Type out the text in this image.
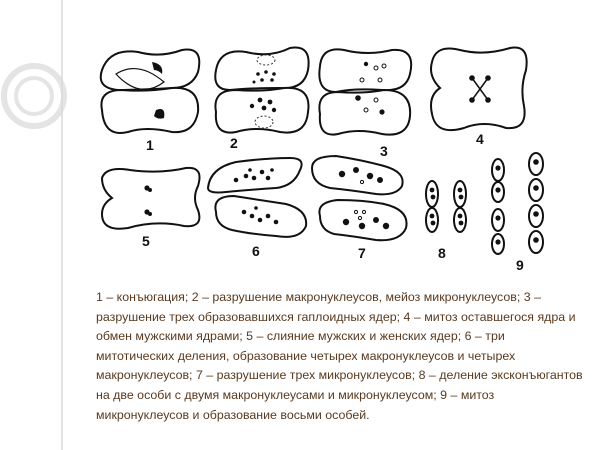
1	2	3
4
5
6	7	8
9

1 – конъюгация; 2 – разрушение макронуклеусов, мейоз микронуклеусов; 3 – разрушение трех образовавшихся гаплоидных ядер; 4 – митоз оставшегося ядра и обмен мужскими ядрами; 5 – слияние мужских и женских ядер; 6 – три митотических деления, образование четырех макронуклеусов и четырех макронуклеусов; 7 – разрушение трех микронуклеусов; 8 – деление эксконъюгантов на две особи с двумя макронуклеусами и микронуклеусом; 9 – митоз микронуклеусов и образование восьми особей.
